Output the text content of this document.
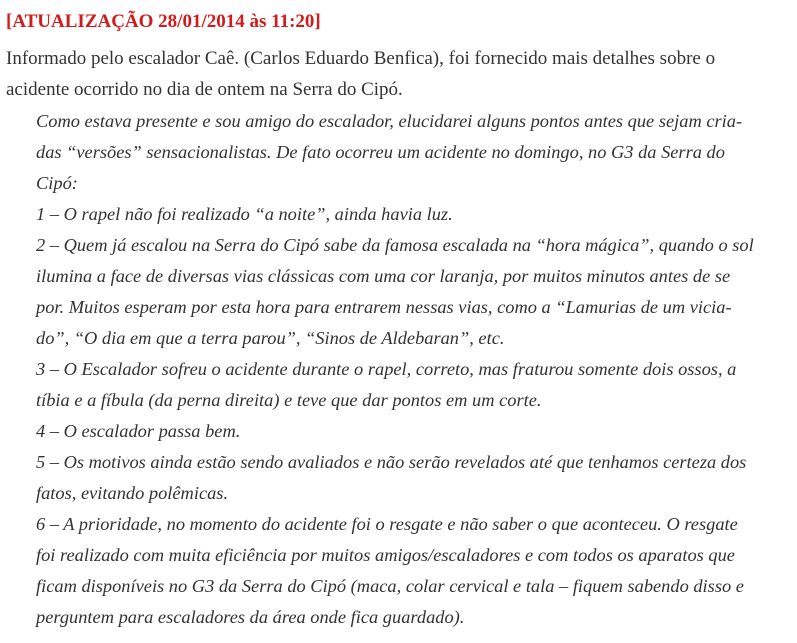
[ATUALIZAÇÃO 28/01/2014 às 11:20]

Informado pelo escalador Caê. (Carlos Eduardo Benfica), foi fornecido mais detalhes sobre o
acidente ocorrido no dia de ontem na Serra do Cipó.

Como estava presente e sou amigo do escalador, elucidarei alguns pontos antes que sejam cria-
das “versões” sensacionalistas. De fato ocorreu um acidente no domingo, no G3 da Serra do
Cipó:
1 – O rapel não foi realizado “a noite”, ainda havia luz.
2 – Quem já escalou na Serra do Cipó sabe da famosa escalada na “hora mágica”, quando o sol
ilumina a face de diversas vias clássicas com uma cor laranja, por muitos minutos antes de se
por. Muitos esperam por esta hora para entrarem nessas vias, como a “Lamurias de um vicia-
do”, “O dia em que a terra parou”, “Sinos de Aldebaran”, etc.
3 – O Escalador sofreu o acidente durante o rapel, correto, mas fraturou somente dois ossos, a
tíbia e a fíbula (da perna direita) e teve que dar pontos em um corte.
4 – O escalador passa bem.
5 – Os motivos ainda estão sendo avaliados e não serão revelados até que tenhamos certeza dos
fatos, evitando polêmicas.
6 – A prioridade, no momento do acidente foi o resgate e não saber o que aconteceu. O resgate
foi realizado com muita eficiência por muitos amigos/escaladores e com todos os aparatos que
ficam disponíveis no G3 da Serra do Cipó (maca, colar cervical e tala – fiquem sabendo disso e
perguntem para escaladores da área onde fica guardado).
